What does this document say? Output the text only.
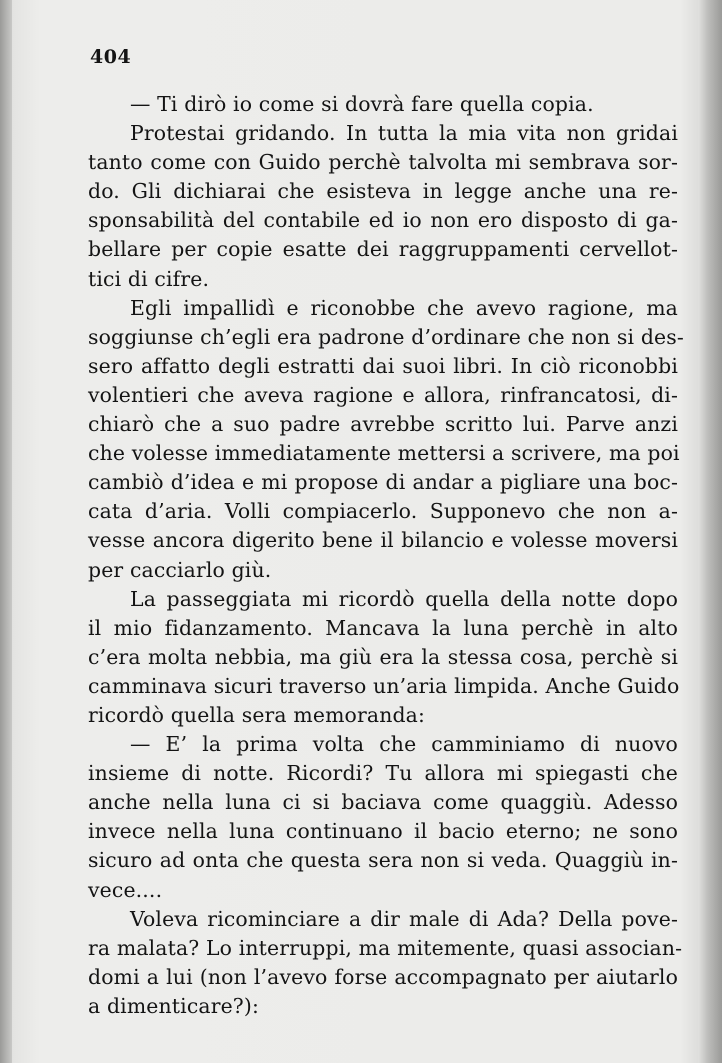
404
— Ti dirò io come si dovrà fare quella copia.
Protestai gridando. In tutta la mia vita non gridai
tanto come con Guido perchè talvolta mi sembrava sor-
do. Gli dichiarai che esisteva in legge anche una re-
sponsabilità del contabile ed io non ero disposto di ga-
bellare per copie esatte dei raggruppamenti cervellot-
tici di cifre.
Egli impallidì e riconobbe che avevo ragione, ma
soggiunse ch’egli era padrone d’ordinare che non si des-
sero affatto degli estratti dai suoi libri. In ciò riconobbi
volentieri che aveva ragione e allora, rinfrancatosi, di-
chiarò che a suo padre avrebbe scritto lui. Parve anzi
che volesse immediatamente mettersi a scrivere, ma poi
cambiò d’idea e mi propose di andar a pigliare una boc-
cata d’aria. Volli compiacerlo. Supponevo che non a-
vesse ancora digerito bene il bilancio e volesse moversi
per cacciarlo giù.
La passeggiata mi ricordò quella della notte dopo
il mio fidanzamento. Mancava la luna perchè in alto
c’era molta nebbia, ma giù era la stessa cosa, perchè si
camminava sicuri traverso un’aria limpida. Anche Guido
ricordò quella sera memoranda:
— E’ la prima volta che camminiamo di nuovo
insieme di notte. Ricordi? Tu allora mi spiegasti che
anche nella luna ci si baciava come quaggiù. Adesso
invece nella luna continuano il bacio eterno; ne sono
sicuro ad onta che questa sera non si veda. Quaggiù in-
vece....
Voleva ricominciare a dir male di Ada? Della pove-
ra malata? Lo interruppi, ma mitemente, quasi associan-
domi a lui (non l’avevo forse accompagnato per aiutarlo
a dimenticare?):
